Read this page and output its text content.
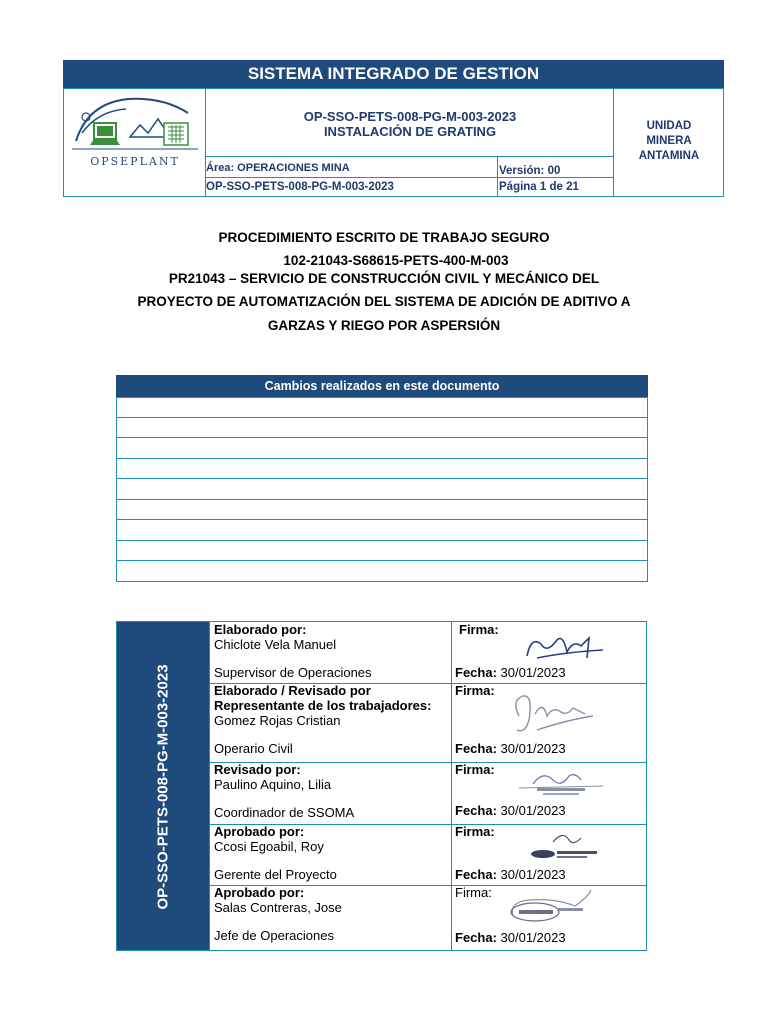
SISTEMA INTEGRADO DE GESTION
OPSEPLANT
OP-SSO-PETS-008-PG-M-003-2023
INSTALACIÓN DE GRATING	UNIDAD
MINERA
ANTAMINA
Área: OPERACIONES MINA	Versión: 00
OP-SSO-PETS-008-PG-M-003-2023	Página 1 de 21
PROCEDIMIENTO ESCRITO DE TRABAJO SEGURO
102-21043-S68615-PETS-400-M-003
PR21043 – SERVICIO DE CONSTRUCCIÓN CIVIL Y MECÁNICO DEL
PROYECTO DE AUTOMATIZACIÓN DEL SISTEMA DE ADICIÓN DE ADITIVO A
GARZAS Y RIEGO POR ASPERSIÓN
Cambios realizados en este documento
OP-SSO-PETS-008-PG-M-003-2023
Elaborado por:
Chiclote Vela Manuel
Supervisor de Operaciones
Firma:
Fecha: 30/01/2023
Elaborado / Revisado por Representante de los trabajadores:
Gomez Rojas Cristian
Operario Civil
Firma:
Fecha: 30/01/2023
Revisado por:
Paulino Aquino, Lilia
Coordinador de SSOMA
Firma:
Fecha: 30/01/2023
Aprobado por:
Ccosi Egoabil, Roy
Gerente del Proyecto
Firma:
Fecha: 30/01/2023
Aprobado por:
Salas Contreras, Jose
Jefe de Operaciones
Firma:
Fecha: 30/01/2023
